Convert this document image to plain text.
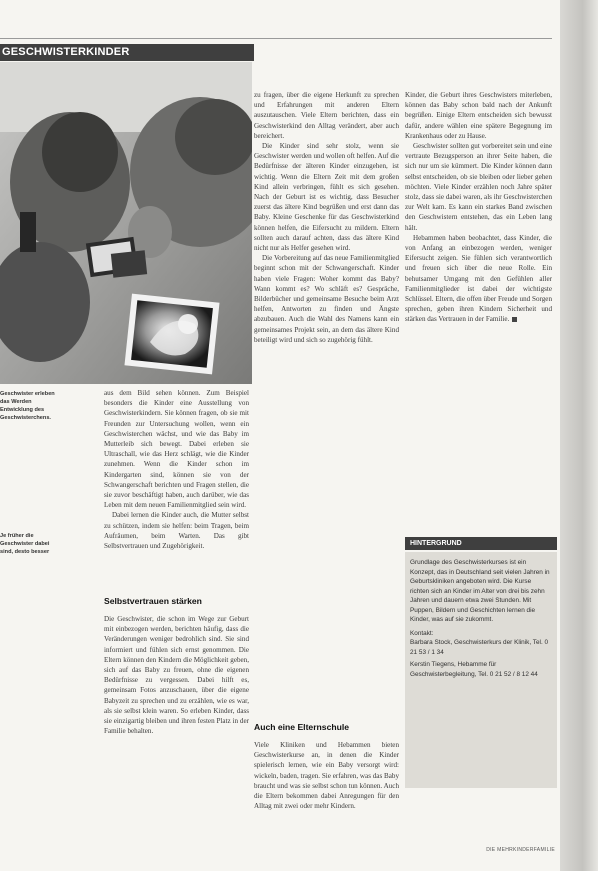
GESCHWISTERKINDER
Geschwister erleben
das Werden
Entwicklung des
Geschwisterchens.
Je früher die
Geschwister dabei
sind, desto besser

aus dem Bild sehen können. Zum Beispiel besonders die Kinder eine Ausstellung von Geschwisterkindern. Sie können fragen, ob sie mit Freunden zur Untersuchung wollen, wenn ein Geschwisterchen wächst, und wie das Baby im Mutterleib sich bewegt. Dabei erleben sie Ultraschall, wie das Herz schlägt, wie die Kinder zunehmen. Wenn die Kinder schon im Kindergarten sind, können sie von der Schwangerschaft berichten und Fragen stellen, die sie zuvor beschäftigt haben, auch darüber, wie das Leben mit dem neuen Familienmitglied sein wird.

Dabei lernen die Kinder auch, die Mutter selbst zu schützen, indem sie helfen: beim Tragen, beim Aufräumen, beim Warten. Das gibt Selbstvertrauen und Zugehörigkeit.

Selbstvertrauen stärken

Die Geschwister, die schon im Wege zur Geburt mit einbezogen werden, berichten häufig, dass die Veränderungen weniger bedrohlich sind. Sie sind informiert und fühlen sich ernst genommen. Die Eltern können den Kindern die Möglichkeit geben, sich auf das Baby zu freuen, ohne die eigenen Bedürfnisse zu vergessen. Dabei hilft es, gemeinsam Fotos anzuschauen, über die eigene Babyzeit zu sprechen und zu erzählen, wie es war, als sie selbst klein waren. So erleben Kinder, dass sie einzigartig bleiben und ihren festen Platz in der Familie behalten.

zu fragen, über die eigene Herkunft zu sprechen und Erfahrungen mit anderen Eltern auszutauschen. Viele Eltern berichten, dass ein Geschwisterkind den Alltag verändert, aber auch bereichert.

Die Kinder sind sehr stolz, wenn sie Geschwister werden und wollen oft helfen. Auf die Bedürfnisse der älteren Kinder einzugehen, ist wichtig. Wenn die Eltern Zeit mit dem großen Kind allein verbringen, fühlt es sich gesehen. Nach der Geburt ist es wichtig, dass Besucher zuerst das ältere Kind begrüßen und erst dann das Baby. Kleine Geschenke für das Geschwisterkind können helfen, die Eifersucht zu mildern. Eltern sollten auch darauf achten, dass das ältere Kind nicht nur als Helfer gesehen wird.

Die Vorbereitung auf das neue Familienmitglied beginnt schon mit der Schwangerschaft. Kinder haben viele Fragen: Woher kommt das Baby? Wann kommt es? Wo schläft es? Gespräche, Bilderbücher und gemeinsame Besuche beim Arzt helfen, Antworten zu finden und Ängste abzubauen. Auch die Wahl des Namens kann ein gemeinsames Projekt sein, an dem das ältere Kind beteiligt wird und sich so zugehörig fühlt.

Auch eine Elternschule

Viele Kliniken und Hebammen bieten Geschwisterkurse an, in denen die Kinder spielerisch lernen, wie ein Baby versorgt wird: wickeln, baden, tragen. Sie erfahren, was das Baby braucht und was sie selbst schon tun können. Auch die Eltern bekommen dabei Anregungen für den Alltag mit zwei oder mehr Kindern.

Kinder, die Geburt ihres Geschwisters miterleben, können das Baby schon bald nach der Ankunft begrüßen. Einige Eltern entscheiden sich bewusst dafür, andere wählen eine spätere Begegnung im Krankenhaus oder zu Hause.

Geschwister sollten gut vorbereitet sein und eine vertraute Bezugsperson an ihrer Seite haben, die sich nur um sie kümmert. Die Kinder können dann selbst entscheiden, ob sie bleiben oder lieber gehen möchten. Viele Kinder erzählen noch Jahre später stolz, dass sie dabei waren, als ihr Geschwisterchen zur Welt kam. Es kann ein starkes Band zwischen den Geschwistern entstehen, das ein Leben lang hält.

Hebammen haben beobachtet, dass Kinder, die von Anfang an einbezogen werden, weniger Eifersucht zeigen. Sie fühlen sich verantwortlich und freuen sich über die neue Rolle. Ein behutsamer Umgang mit den Gefühlen aller Familienmitglieder ist dabei der wichtigste Schlüssel. Eltern, die offen über Freude und Sorgen sprechen, geben ihren Kindern Sicherheit und stärken das Vertrauen in der Familie.

HINTERGRUND

Grundlage des Geschwisterkurses ist ein Konzept, das in Deutschland seit vielen Jahren in Geburtskliniken angeboten wird. Die Kurse richten sich an Kinder im Alter von drei bis zehn Jahren und dauern etwa zwei Stunden. Mit Puppen, Bildern und Geschichten lernen die Kinder, was auf sie zukommt.

Kontakt:

Barbara Stock, Geschwisterkurs der Klinik, Tel. 0 21 53 / 1 34

Kerstin Tiegens, Hebamme für Geschwisterbegleitung, Tel. 0 21 52 / 8 12 44

DIE MEHRKINDERFAMILIE
